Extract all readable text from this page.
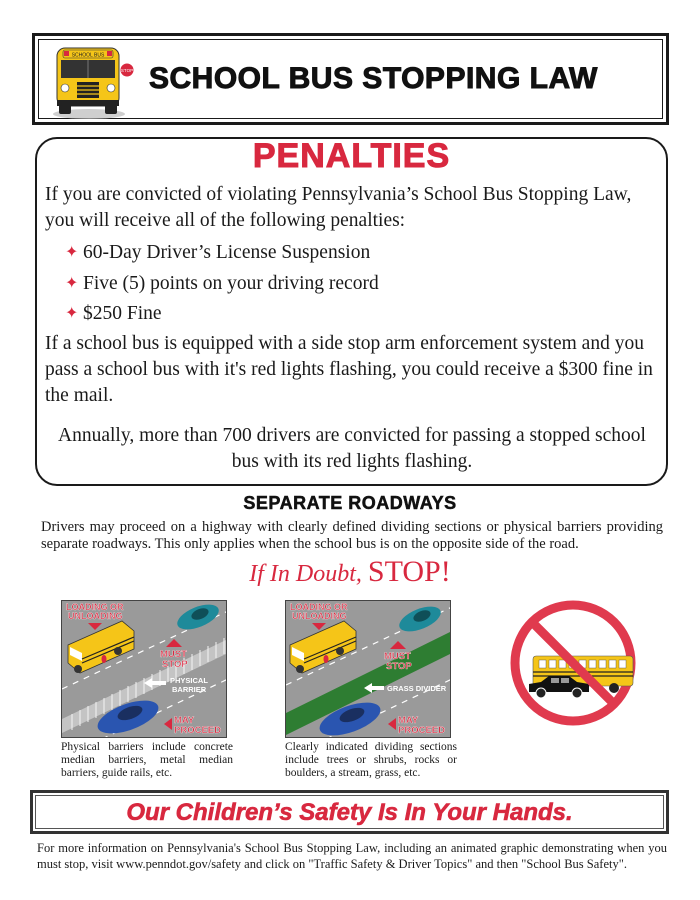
SCHOOL BUS
STOP SCHOOL BUS STOPPING LAW
PENALTIES

If you are convicted of violating Pennsylvania’s School Bus Stopping Law, you will receive all of the following penalties:

✦ 60-Day Driver’s License Suspension
✦ Five (5) points on your driving record
✦ $250 Fine

If a school bus is equipped with a side stop arm enforcement system and you pass a school bus with it's red lights flashing, you could receive a $300 fine in the mail.

Annually, more than 700 drivers are convicted for passing a stopped school bus with its red lights flashing.

SEPARATE ROADWAYS

Drivers may proceed on a highway with clearly defined dividing sections or physical barriers providing separate roadways. This only applies when the school bus is on the opposite side of the road.

If In Doubt, STOP!
LOADING OR
UNLOADING
MUST
STOP
PHYSICAL
BARRIER
MAY
PROCEED

Physical barriers include concrete median barriers, metal median barriers, guide rails, etc.

LOADING OR
UNLOADING
MUST
STOP
GRASS DIVIDER
MAY
PROCEED

Clearly indicated dividing sections include trees or shrubs, rocks or boulders, a stream, grass, etc.

Our Children’s Safety Is In Your Hands.

For more information on Pennsylvania's School Bus Stopping Law, including an animated graphic demonstrating when you must stop, visit www.penndot.gov/safety and click on "Traffic Safety & Driver Topics" and then "School Bus Safety".
